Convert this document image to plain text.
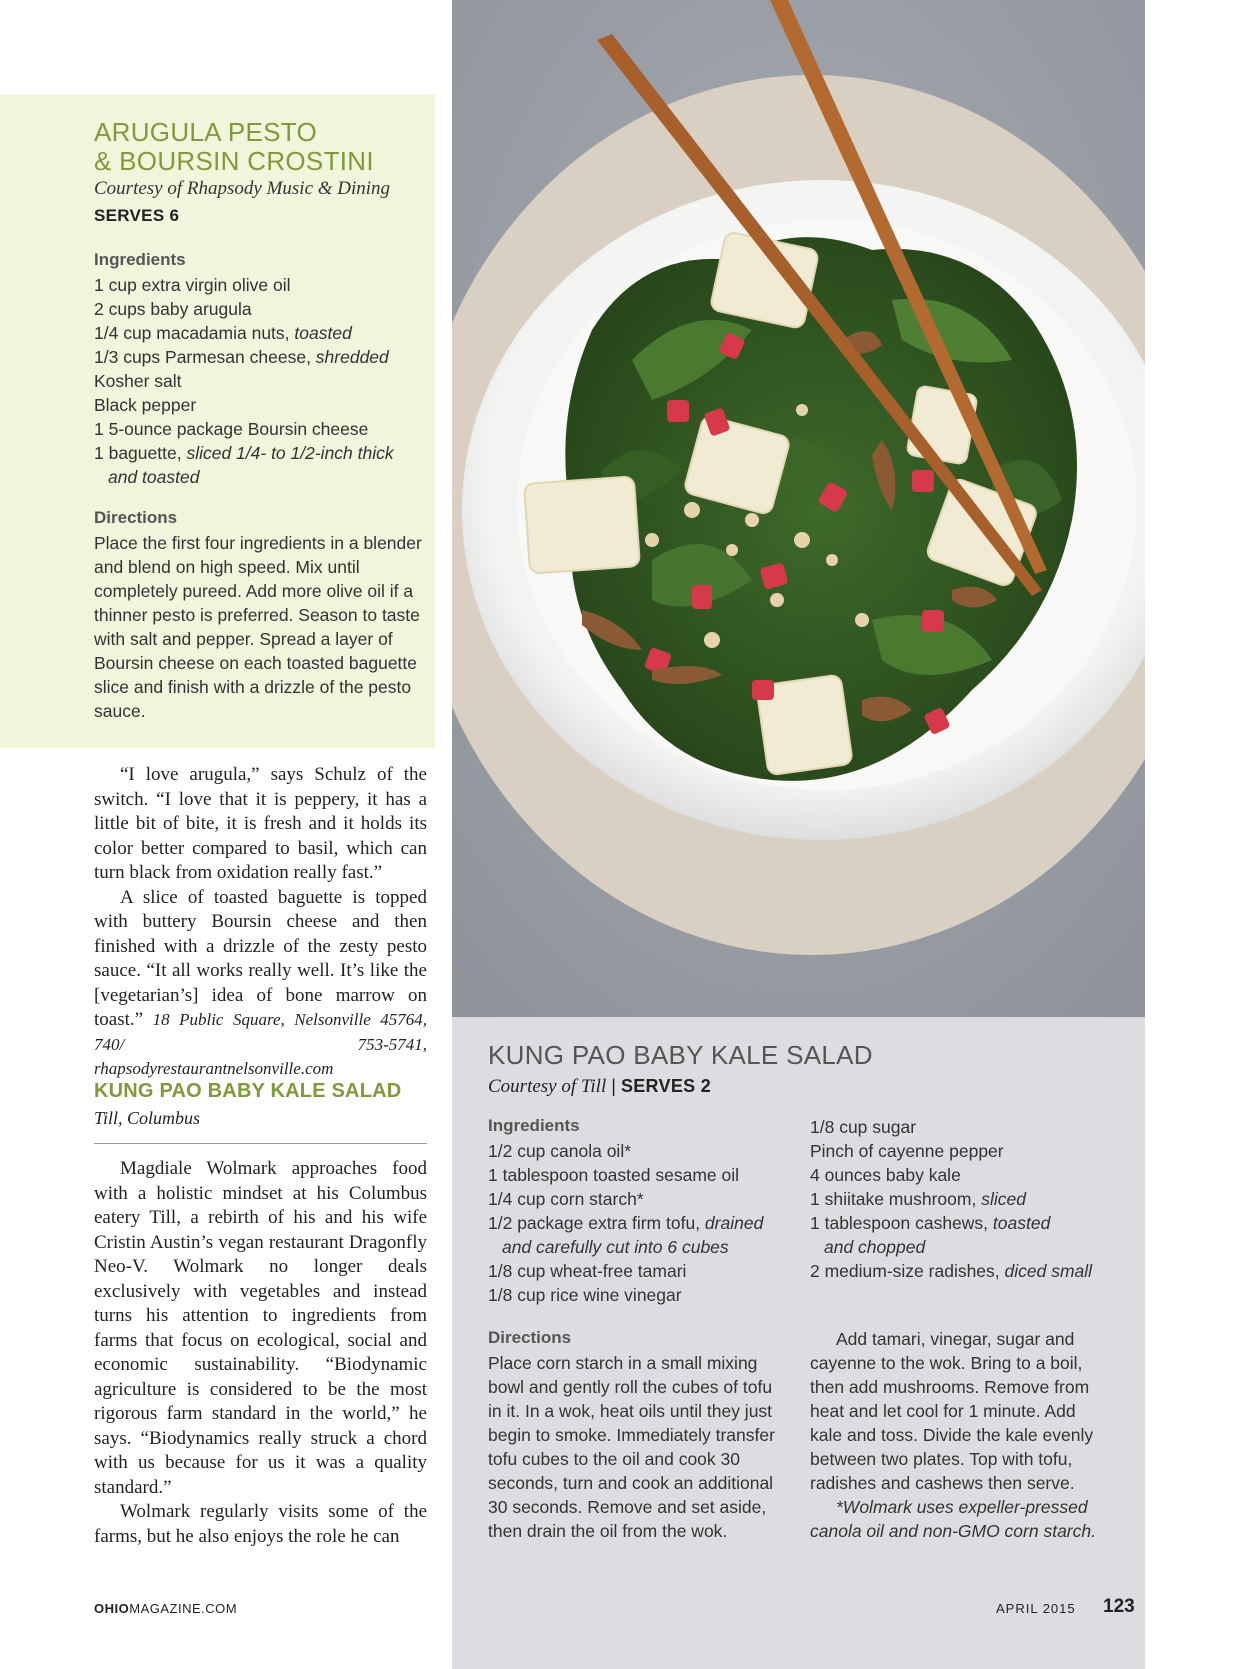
ARUGULA PESTO
& BOURSIN CROSTINI
Courtesy of Rhapsody Music & Dining
SERVES 6
Ingredients
1 cup extra virgin olive oil
2 cups baby arugula
1/4 cup macadamia nuts, toasted
1/3 cups Parmesan cheese, shredded
Kosher salt
Black pepper
1 5-ounce package Boursin cheese
1 baguette, sliced 1/4- to 1/2-inch thick
and toasted
Directions
Place the first four ingredients in a blender and blend on high speed. Mix until completely pureed. Add more olive oil if a thinner pesto is preferred. Season to taste with salt and pepper. Spread a layer of Boursin cheese on each toasted baguette slice and finish with a drizzle of the pesto sauce.

“I love arugula,” says Schulz of the switch. “I love that it is peppery, it has a little bit of bite, it is fresh and it holds its color better compared to basil, which can turn black from oxidation really fast.”

A slice of toasted baguette is topped with buttery Boursin cheese and then finished with a drizzle of the zesty pesto sauce. “It all works really well. It’s like the [vegetarian’s] idea of bone marrow on toast.” 18 Public Square, Nelsonville 45764, 740/ 753-5741, rhapsodyrestaurantnelsonville.com

KUNG PAO BABY KALE SALAD
Till, Columbus

Magdiale Wolmark approaches food with a holistic mindset at his Columbus eatery Till, a rebirth of his and his wife Cristin Austin’s vegan restaurant Dragonfly Neo-V. Wolmark no longer deals exclusively with vegetables and instead turns his attention to ingredients from farms that focus on ecological, social and economic sustainability. “Biodynamic agriculture is considered to be the most rigorous farm standard in the world,” he says. “Biodynamics really struck a chord with us because for us it was a quality standard.”

Wolmark regularly visits some of the farms, but he also enjoys the role he can

KUNG PAO BABY KALE SALAD
Courtesy of Till | SERVES 2
Ingredients
1/2 cup canola oil*
1 tablespoon toasted sesame oil
1/4 cup corn starch*
1/2 package extra firm tofu, drained
and carefully cut into 6 cubes
1/8 cup wheat-free tamari
1/8 cup rice wine vinegar
1/8 cup sugar
Pinch of cayenne pepper
4 ounces baby kale
1 shiitake mushroom, sliced
1 tablespoon cashews, toasted
and chopped
2 medium-size radishes, diced small
Directions
Place corn starch in a small mixing bowl and gently roll the cubes of tofu in it. In a wok, heat oils until they just begin to smoke. Immediately transfer tofu cubes to the oil and cook 30 seconds, turn and cook an additional 30 seconds. Remove and set aside, then drain the oil from the wok.

Add tamari, vinegar, sugar and cayenne to the wok. Bring to a boil, then add mushrooms. Remove from heat and let cool for 1 minute. Add kale and toss. Divide the kale evenly between two plates. Top with tofu, radishes and cashews then serve.

*Wolmark uses expeller-pressed canola oil and non-GMO corn starch.

OHIOMAGAZINE.COM	APRIL 2015 123
